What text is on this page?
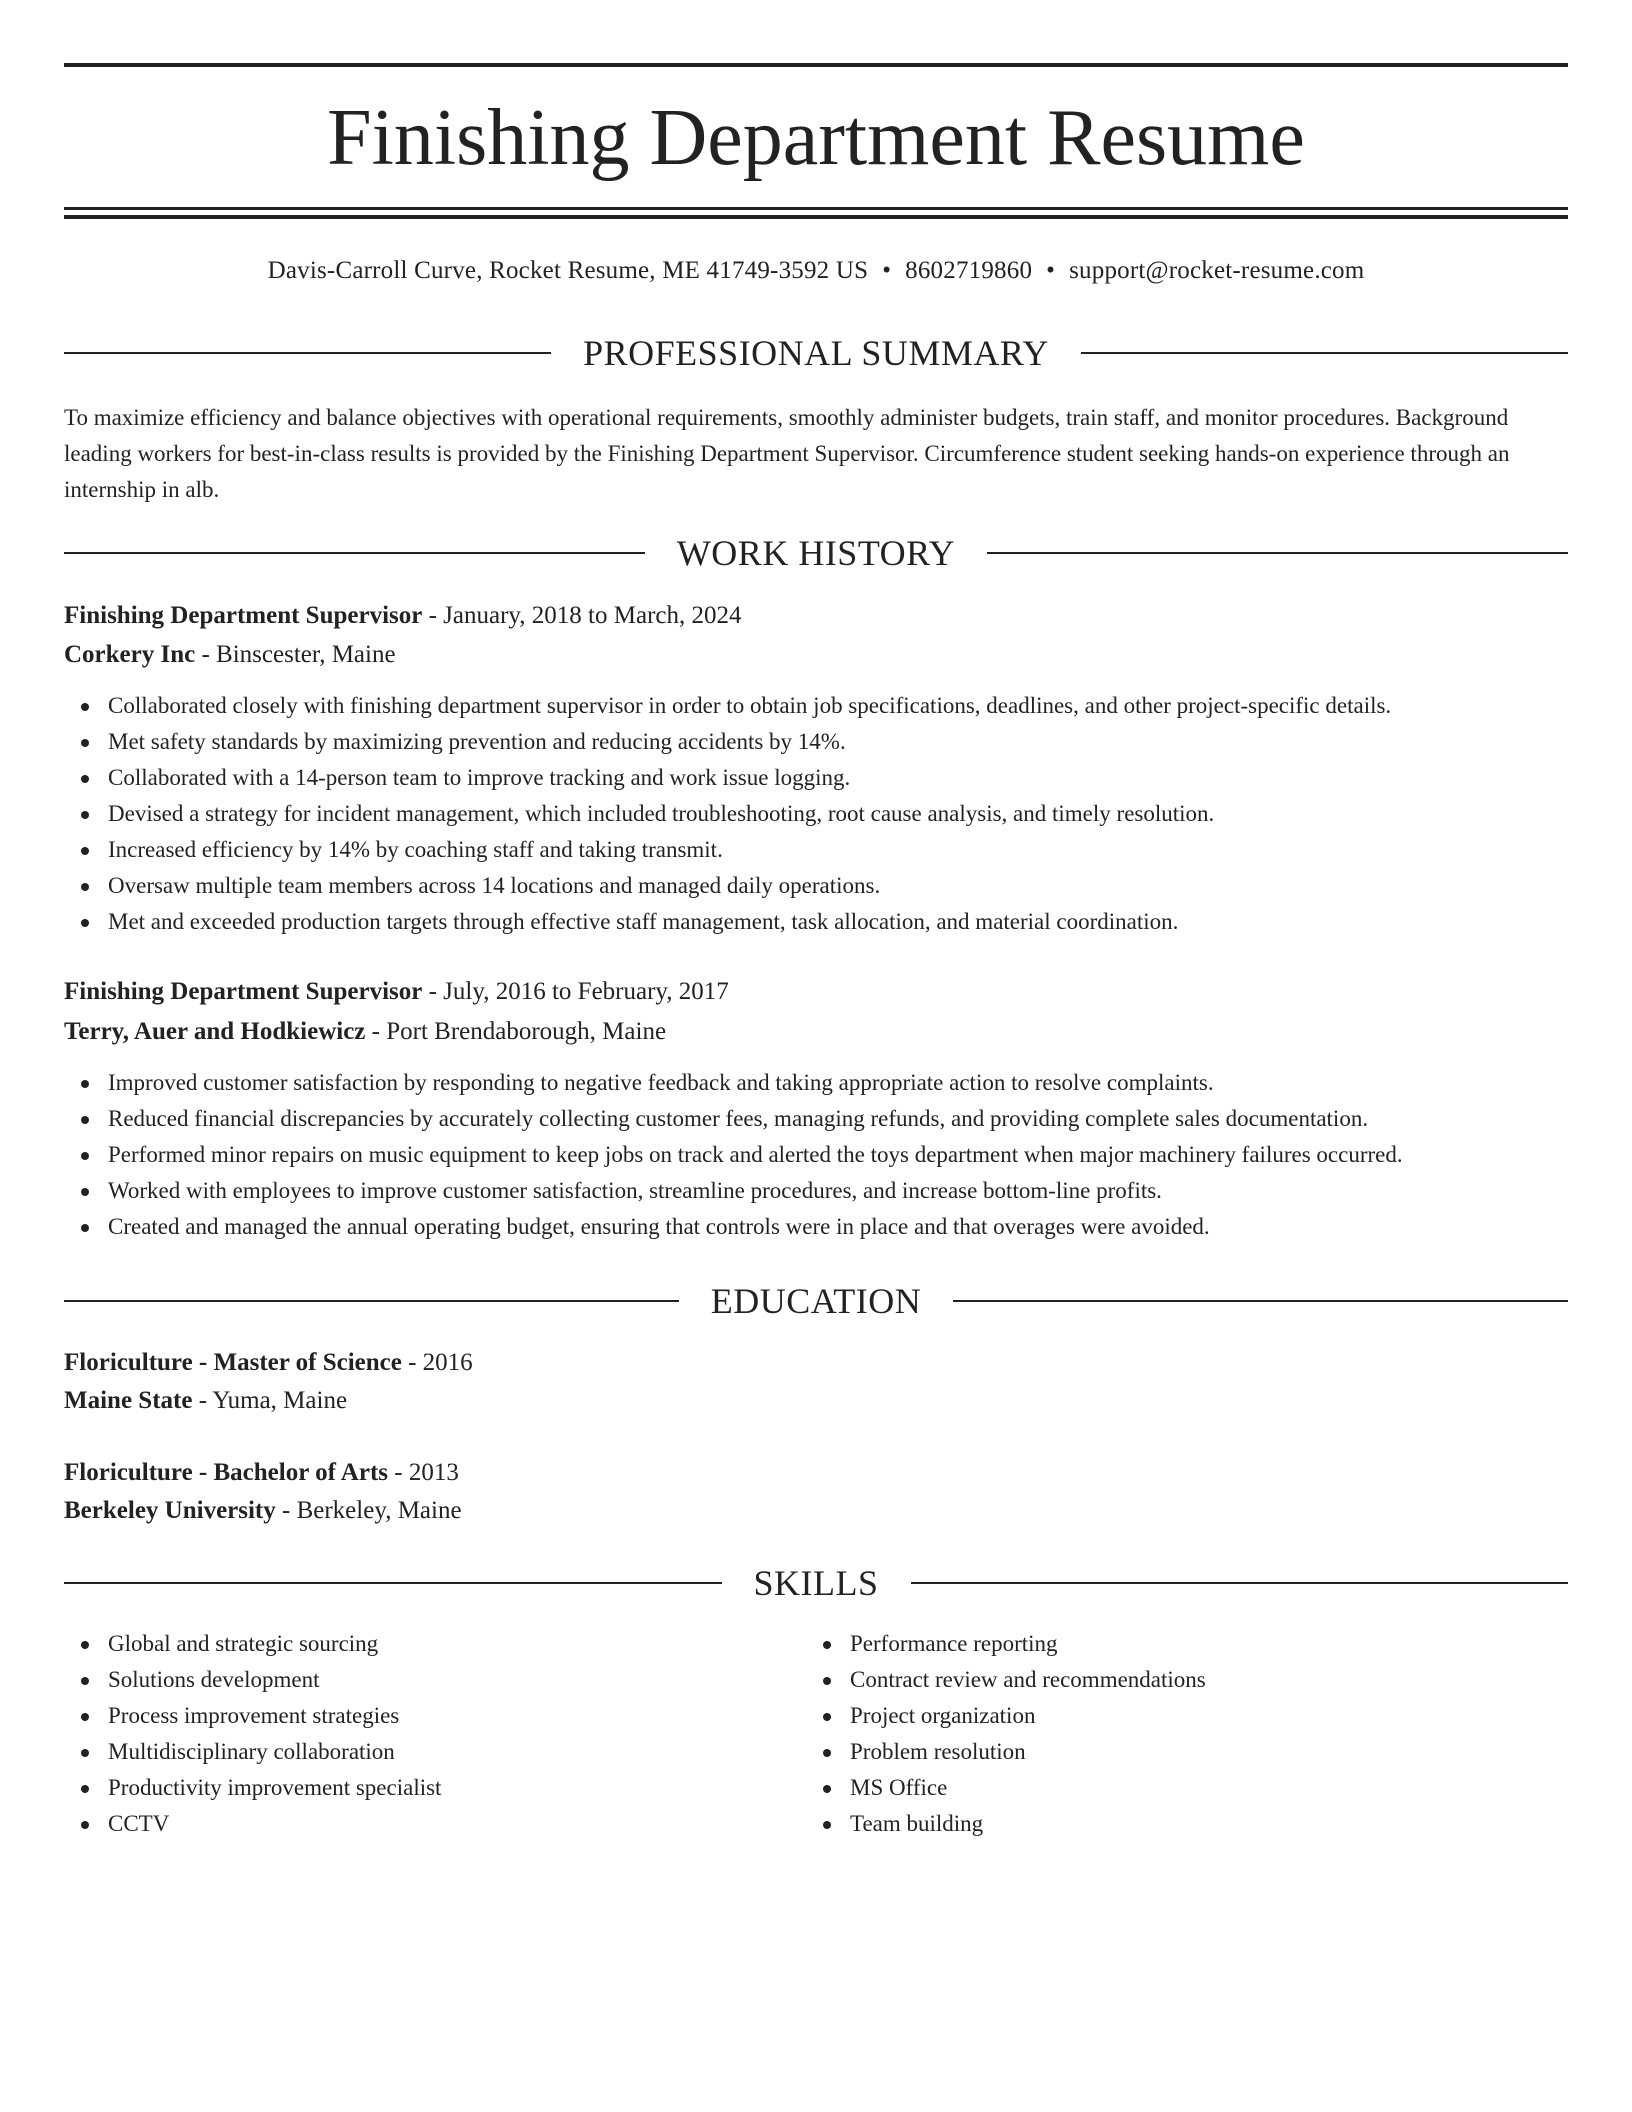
Finishing Department Resume
Davis-Carroll Curve, Rocket Resume, ME 41749-3592 US • 8602719860 • support@rocket-resume.com
PROFESSIONAL SUMMARY

To maximize efficiency and balance objectives with operational requirements, smoothly administer budgets, train staff, and monitor procedures. Background leading workers for best-in-class results is provided by the Finishing Department Supervisor. Circumference student seeking hands-on experience through an internship in alb.

WORK HISTORY
Finishing Department Supervisor - January, 2018 to March, 2024
Corkery Inc - Binscester, Maine
Collaborated closely with finishing department supervisor in order to obtain job specifications, deadlines, and other project-specific details.
Met safety standards by maximizing prevention and reducing accidents by 14%.
Collaborated with a 14-person team to improve tracking and work issue logging.
Devised a strategy for incident management, which included troubleshooting, root cause analysis, and timely resolution.
Increased efficiency by 14% by coaching staff and taking transmit.
Oversaw multiple team members across 14 locations and managed daily operations.
Met and exceeded production targets through effective staff management, task allocation, and material coordination.
Finishing Department Supervisor - July, 2016 to February, 2017
Terry, Auer and Hodkiewicz - Port Brendaborough, Maine
Improved customer satisfaction by responding to negative feedback and taking appropriate action to resolve complaints.
Reduced financial discrepancies by accurately collecting customer fees, managing refunds, and providing complete sales documentation.
Performed minor repairs on music equipment to keep jobs on track and alerted the toys department when major machinery failures occurred.
Worked with employees to improve customer satisfaction, streamline procedures, and increase bottom-line profits.
Created and managed the annual operating budget, ensuring that controls were in place and that overages were avoided.
EDUCATION
Floriculture - Master of Science - 2016
Maine State - Yuma, Maine
Floriculture - Bachelor of Arts - 2013
Berkeley University - Berkeley, Maine
SKILLS
Global and strategic sourcing
Solutions development
Process improvement strategies
Multidisciplinary collaboration
Productivity improvement specialist
CCTV
Performance reporting
Contract review and recommendations
Project organization
Problem resolution
MS Office
Team building
